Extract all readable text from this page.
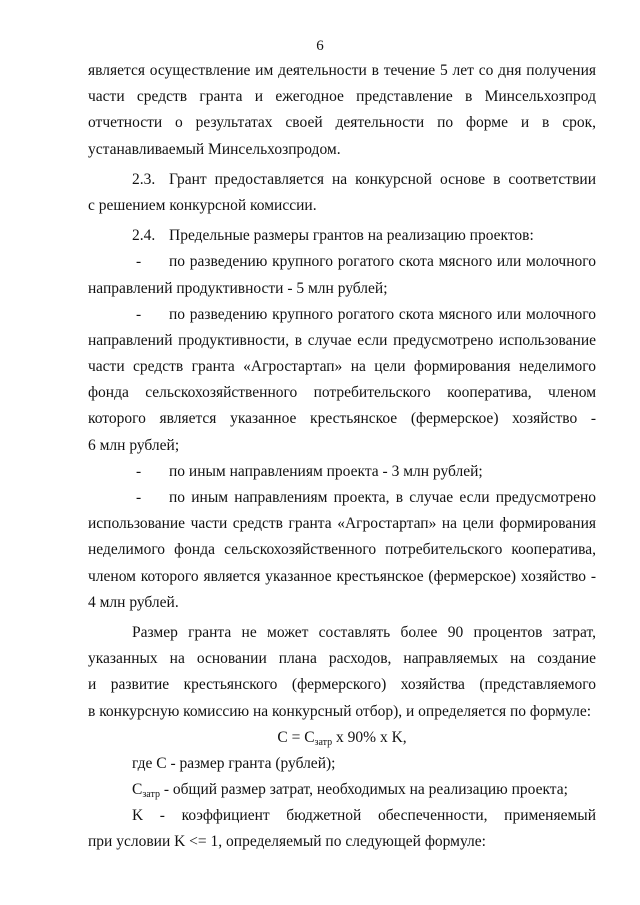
6
является осуществление им деятельности в течение 5 лет со дня получения
части средств гранта и ежегодное представление в Минсельхозпрод
отчетности о результатах своей деятельности по форме и в срок,
устанавливаемый Минсельхозпродом.
2.3. Грант предоставляется на конкурсной основе в соответствии
с решением конкурсной комиссии.
2.4. Предельные размеры грантов на реализацию проектов:
-	по разведению крупного рогатого скота мясного или молочного
направлений продуктивности - 5 млн рублей;
-	по разведению крупного рогатого скота мясного или молочного
направлений продуктивности, в случае если предусмотрено использование
части средств гранта «Агростартап» на цели формирования неделимого
фонда сельскохозяйственного потребительского кооператива, членом
которого является указанное крестьянское (фермерское) хозяйство -
6 млн рублей;
-	по иным направлениям проекта - 3 млн рублей;
-	по иным направлениям проекта, в случае если предусмотрено
использование части средств гранта «Агростартап» на цели формирования
неделимого фонда сельскохозяйственного потребительского кооператива,
членом которого является указанное крестьянское (фермерское) хозяйство -
4 млн рублей.
Размер гранта не может составлять более 90 процентов затрат,
указанных на основании плана расходов, направляемых на создание
и развитие крестьянского (фермерского) хозяйства (представляемого
в конкурсную комиссию на конкурсный отбор), и определяется по формуле:
$С = С_{затр}$ x 90% x K,
где С - размер гранта (рублей);
$С_{затр}$ - общий размер затрат, необходимых на реализацию проекта;
K - коэффициент бюджетной обеспеченности, применяемый
при условии K <= 1, определяемый по следующей формуле:
